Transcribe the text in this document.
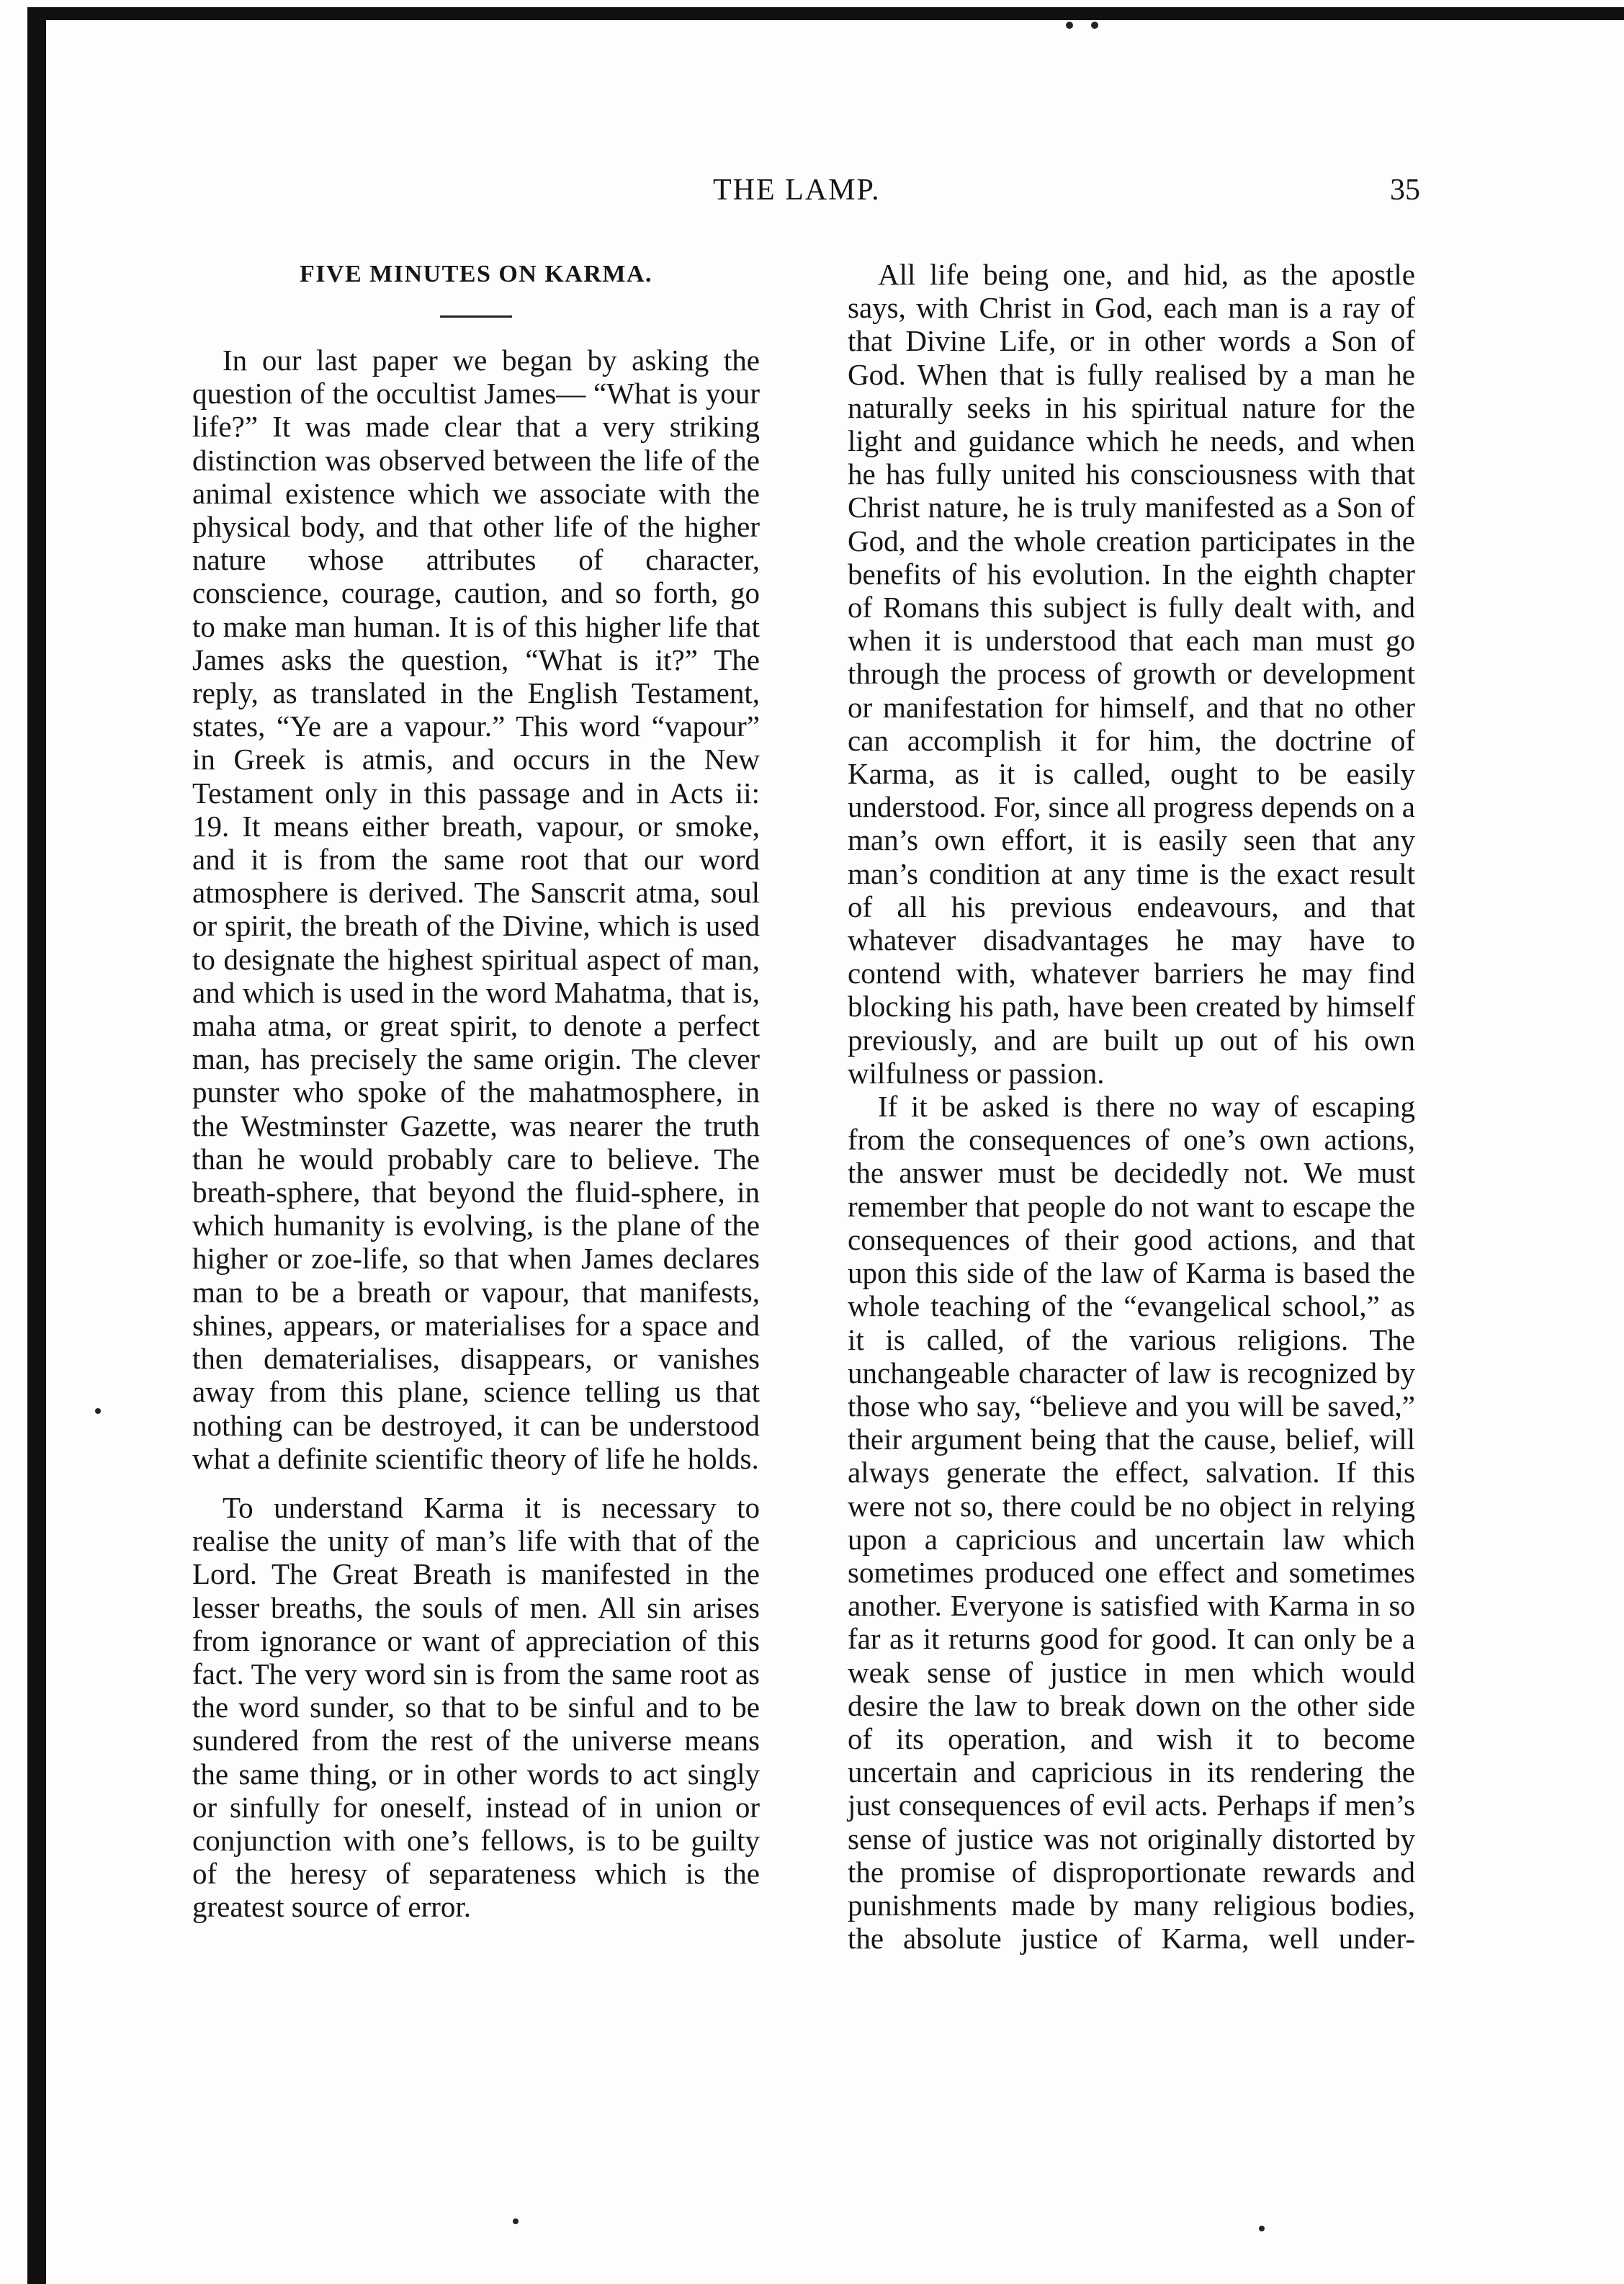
THE LAMP.	35
FIVE MINUTES ON KARMA.

In our last paper we began by asking the question of the occultist James— “What is your life?” It was made clear that a very striking distinction was observed between the life of the animal existence which we associate with the physical body, and that other life of the higher nature whose attributes of character, conscience, courage, caution, and so forth, go to make man human. It is of this higher life that James asks the question, “What is it?” The reply, as translated in the English Testament, states, “Ye are a vapour.” This word “vapour” in Greek is atmis, and occurs in the New Testament only in this passage and in Acts ii: 19. It means either breath, vapour, or smoke, and it is from the same root that our word atmosphere is derived. The Sanscrit atma, soul or spirit, the breath of the Divine, which is used to designate the highest spiritual aspect of man, and which is used in the word Mahatma, that is, maha atma, or great spirit, to denote a perfect man, has precisely the same origin. The clever punster who spoke of the mahatmosphere, in the Westminster Gazette, was nearer the truth than he would probably care to believe. The breath-sphere, that beyond the fluid-sphere, in which humanity is evolving, is the plane of the higher or zoe-life, so that when James declares man to be a breath or vapour, that manifests, shines, appears, or materialises for a space and then dematerialises, disappears, or vanishes away from this plane, science telling us that nothing can be destroyed, it can be understood what a definite scientific theory of life he holds.

To understand Karma it is necessary to realise the unity of man’s life with that of the Lord. The Great Breath is manifested in the lesser breaths, the souls of men. All sin arises from ignorance or want of appreciation of this fact. The very word sin is from the same root as the word sunder, so that to be sinful and to be sundered from the rest of the universe means the same thing, or in other words to act singly or sinfully for oneself, instead of in union or conjunction with one’s fellows, is to be guilty of the heresy of separateness which is the greatest source of error.

All life being one, and hid, as the apostle says, with Christ in God, each man is a ray of that Divine Life, or in other words a Son of God. When that is fully realised by a man he naturally seeks in his spiritual nature for the light and guidance which he needs, and when he has fully united his consciousness with that Christ nature, he is truly manifested as a Son of God, and the whole creation participates in the benefits of his evolution. In the eighth chapter of Romans this subject is fully dealt with, and when it is understood that each man must go through the process of growth or development or manifestation for himself, and that no other can accomplish it for him, the doctrine of Karma, as it is called, ought to be easily understood. For, since all progress depends on a man’s own effort, it is easily seen that any man’s condition at any time is the exact result of all his previous endeavours, and that whatever disadvantages he may have to contend with, whatever barriers he may find blocking his path, have been created by himself previously, and are built up out of his own wilfulness or passion.

If it be asked is there no way of escaping from the consequences of one’s own actions, the answer must be decidedly not. We must remember that people do not want to escape the consequences of their good actions, and that upon this side of the law of Karma is based the whole teaching of the “evangelical school,” as it is called, of the various religions. The unchangeable character of law is recognized by those who say, “believe and you will be saved,” their argument being that the cause, belief, will always generate the effect, salvation. If this were not so, there could be no object in relying upon a capricious and uncertain law which sometimes produced one effect and sometimes another. Everyone is satisfied with Karma in so far as it returns good for good. It can only be a weak sense of justice in men which would desire the law to break down on the other side of its operation, and wish it to become uncertain and capricious in its rendering the just consequences of evil acts. Perhaps if men’s sense of justice was not originally distorted by the promise of disproportionate rewards and punishments made by many religious bodies, the absolute justice of Karma, well under-
